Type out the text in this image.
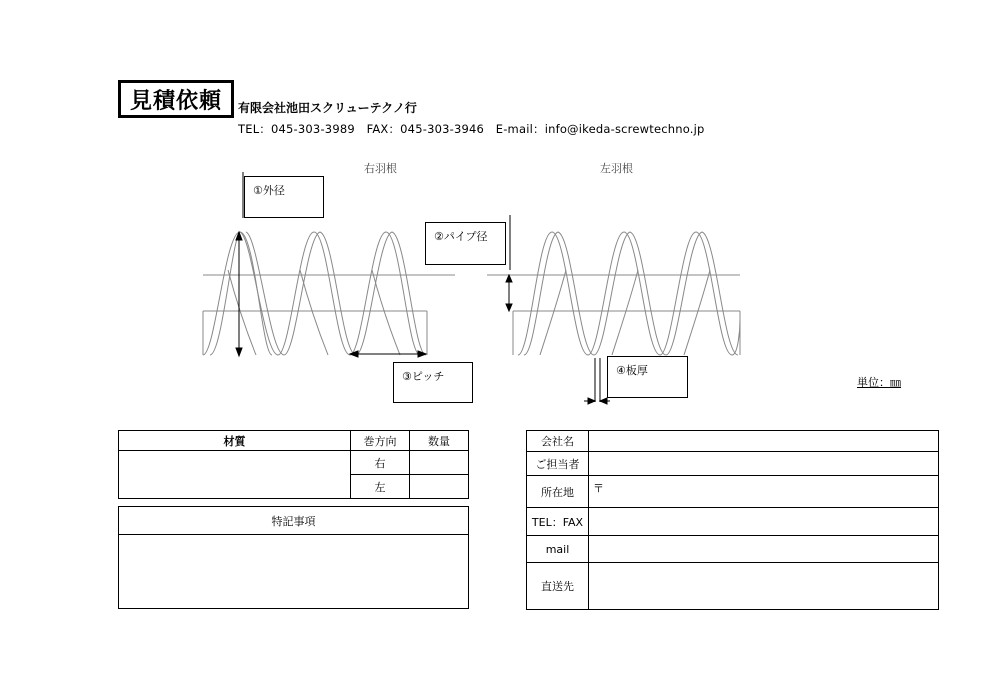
見積依頼	有限会社池田スクリューテクノ行
TEL：045-303-3989　FAX：045-303-3946　E-mail：info@ikeda-screwtechno.jp
右羽根	左羽根
①外径
②パイプ径
③ピッチ	④板厚
単位：㎜
材質	巻方向	数量
	右	
	左	
特記事項

会社名	
ご担当者	
所在地	〒
TEL：FAX	
mail	
直送先	
